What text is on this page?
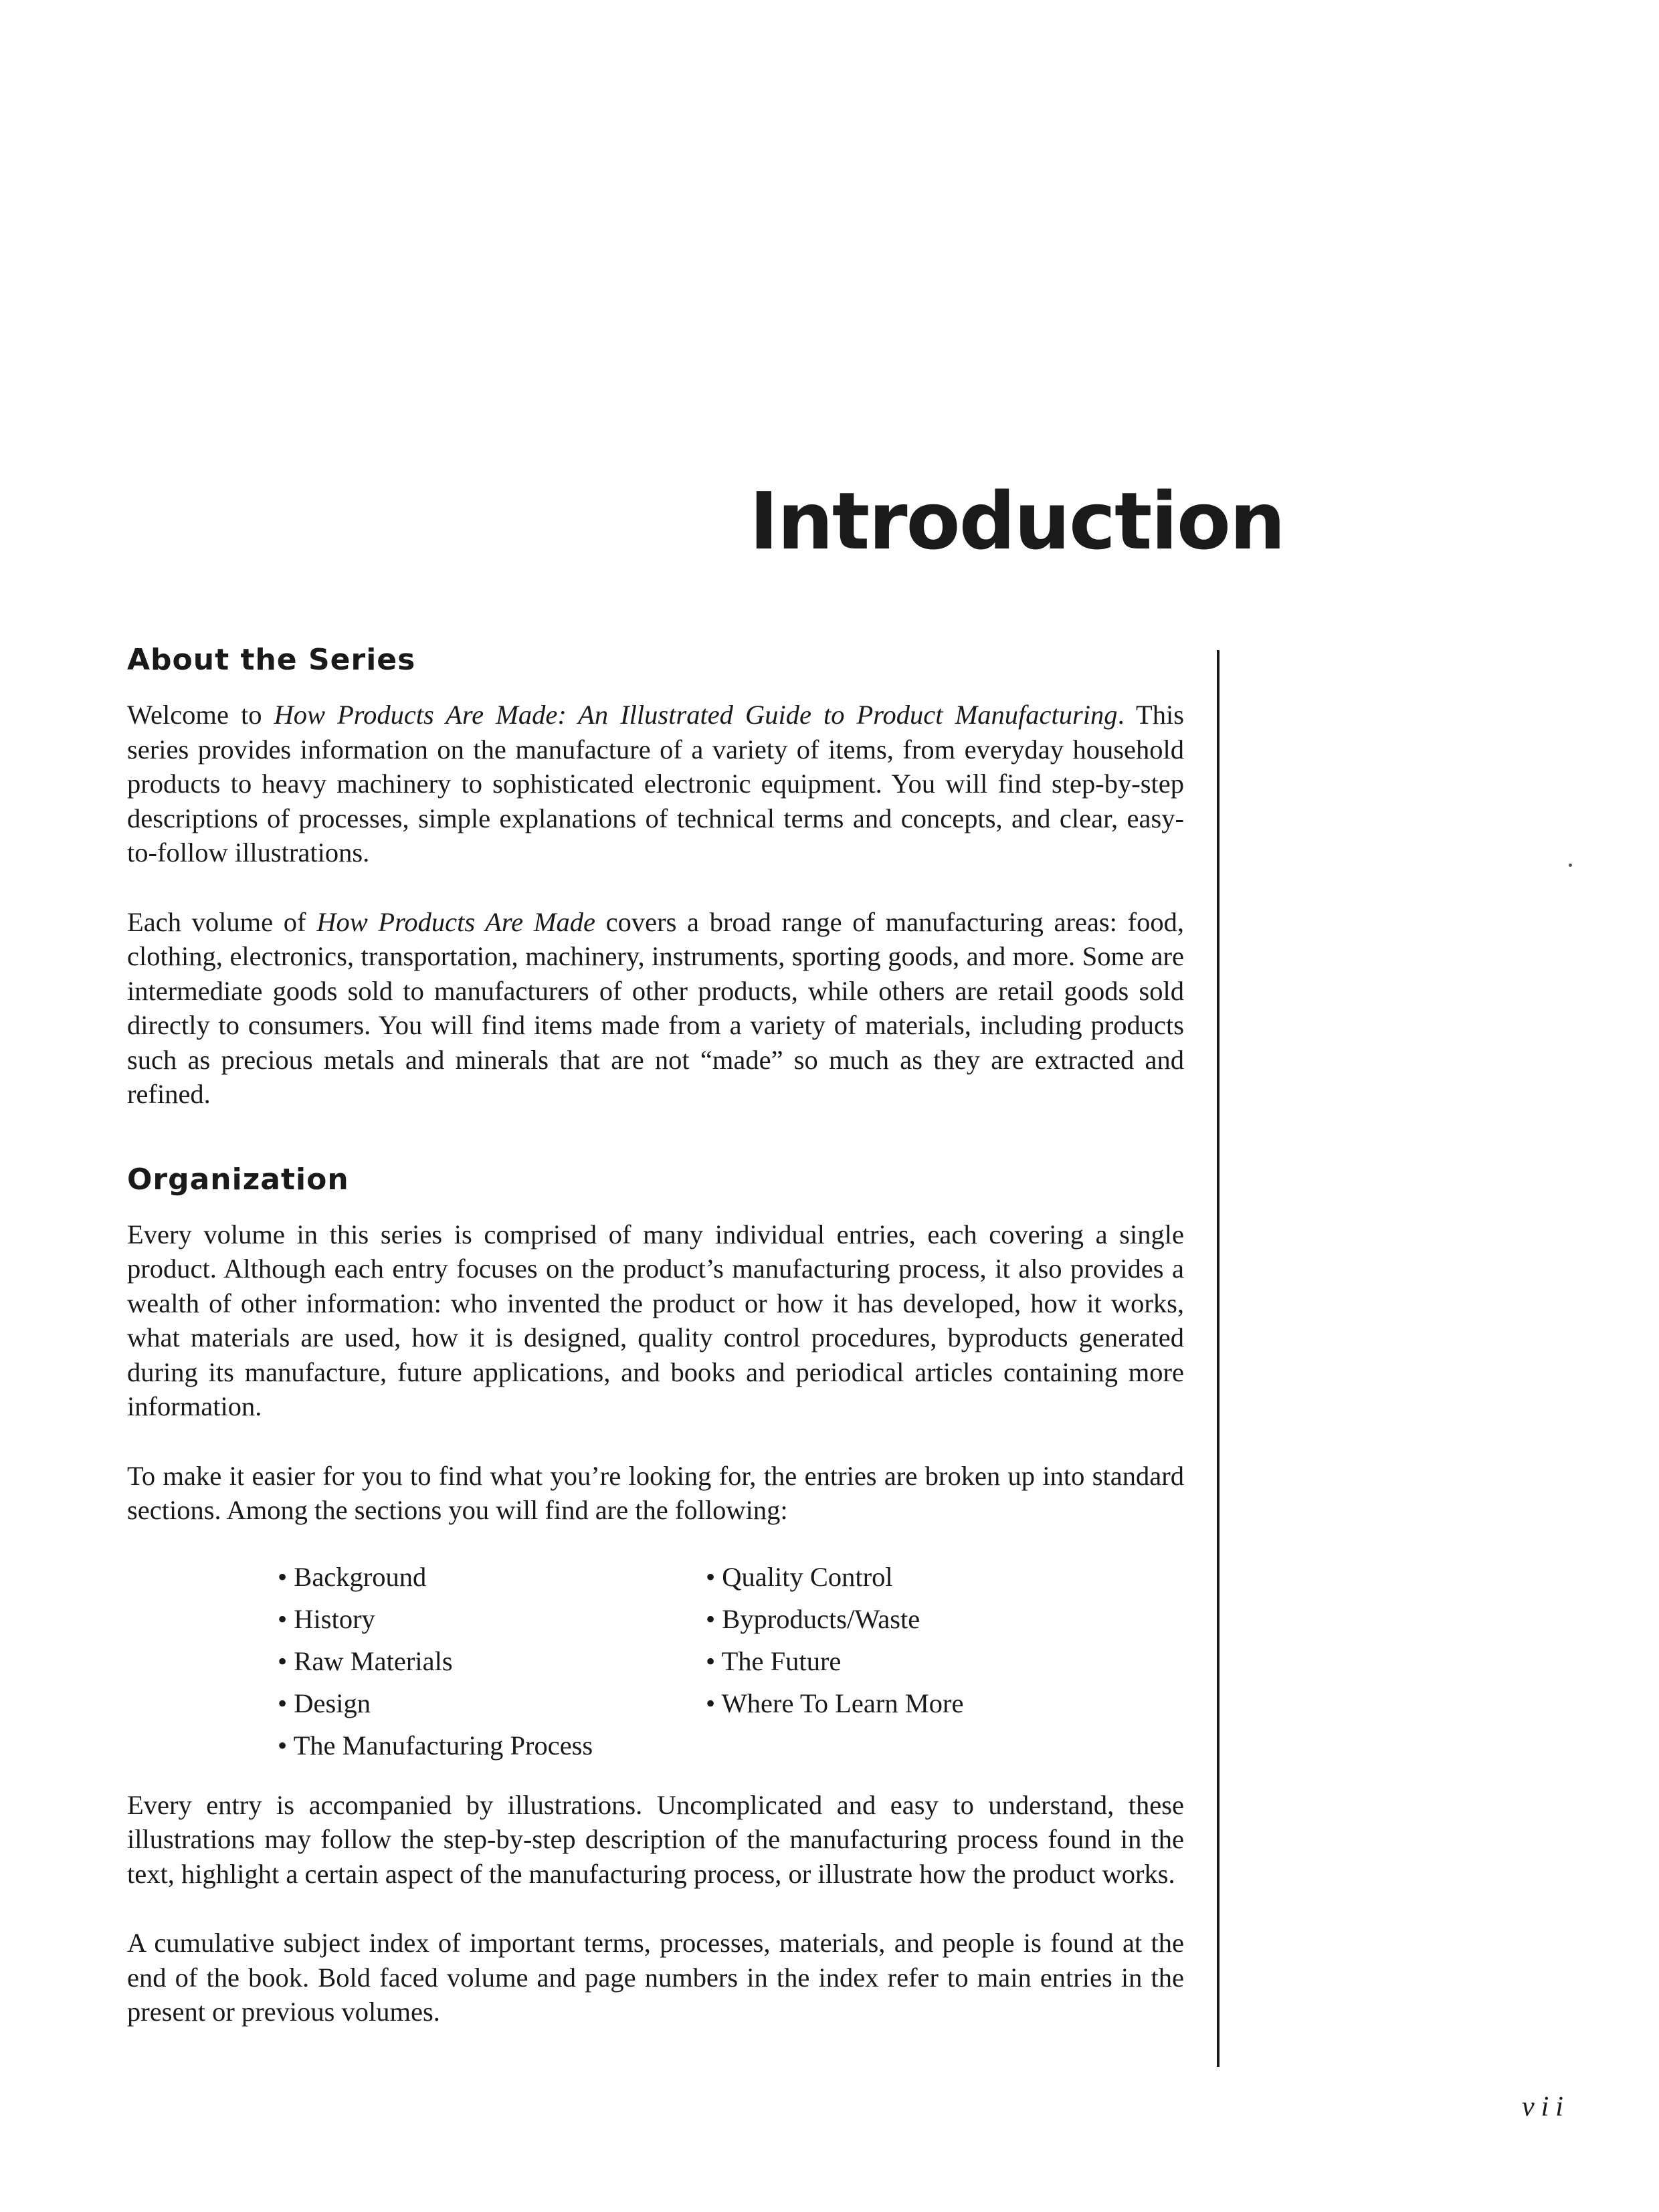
Introduction
About the Series

Welcome to How Products Are Made: An Illustrated Guide to Product Manufacturing. This series provides information on the manufacture of a variety of items, from everyday household products to heavy machinery to sophisticated electronic equipment. You will find step-by-step descriptions of processes, simple explanations of technical terms and concepts, and clear, easy-to-follow illustrations.

Each volume of How Products Are Made covers a broad range of manufacturing areas: food, clothing, electronics, transportation, machinery, instruments, sporting goods, and more. Some are intermediate goods sold to manufacturers of other products, while others are retail goods sold directly to consumers. You will find items made from a variety of materials, including products such as precious metals and minerals that are not “made” so much as they are extracted and refined.

Organization

Every volume in this series is comprised of many individual entries, each covering a single product. Although each entry focuses on the product’s manufacturing process, it also provides a wealth of other information: who invented the product or how it has developed, how it works, what materials are used, how it is designed, quality control procedures, byproducts generated during its manufacture, future applications, and books and periodical articles containing more information.

To make it easier for you to find what you’re looking for, the entries are broken up into standard sections. Among the sections you will find are the following:

• Background
• History
• Raw Materials
• Design
• The Manufacturing Process
• Quality Control
• Byproducts/Waste
• The Future
• Where To Learn More

Every entry is accompanied by illustrations. Uncomplicated and easy to understand, these illustrations may follow the step-by-step description of the manufacturing process found in the text, highlight a certain aspect of the manufacturing process, or illustrate how the product works.

A cumulative subject index of important terms, processes, materials, and people is found at the end of the book. Bold faced volume and page numbers in the index refer to main entries in the present or previous volumes.

vii
